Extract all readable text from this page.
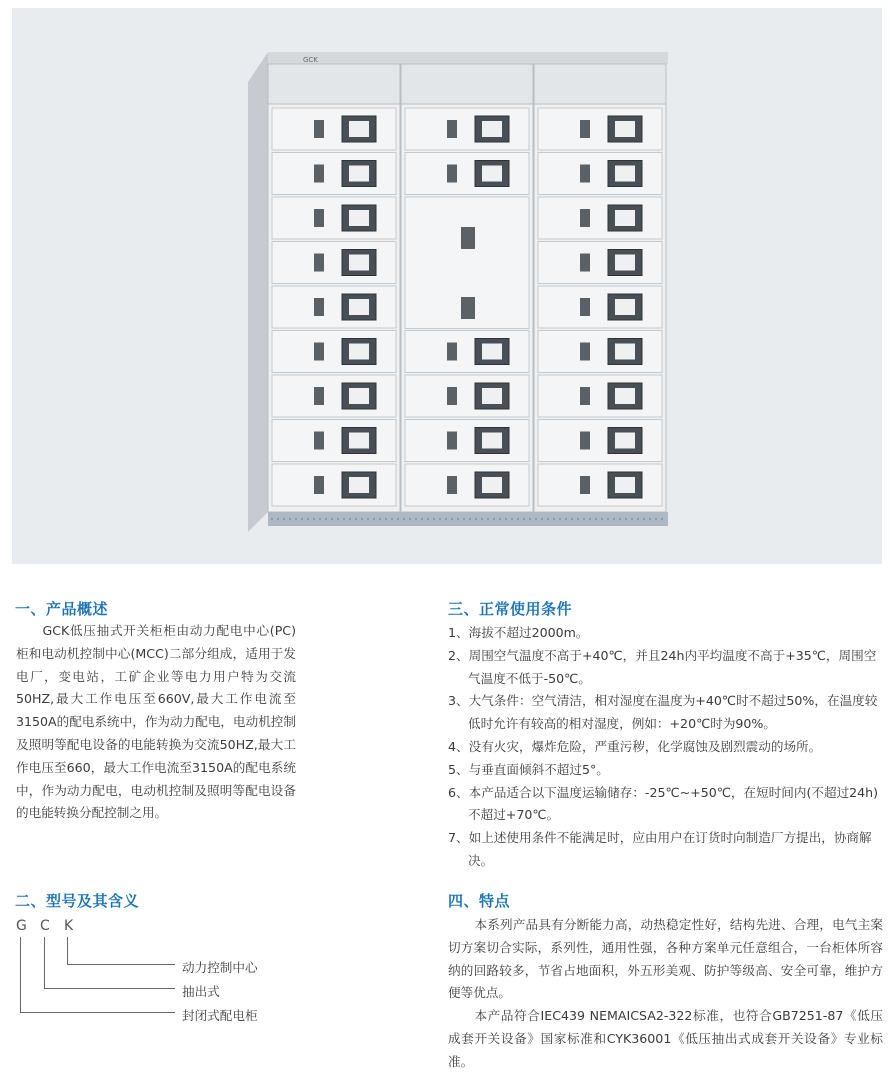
GCK
一、产品概述

GCK低压抽式开关柜柜由动力配电中心(PC)柜和电动机控制中心(MCC)二部分组成，适用于发电厂，变电站，工矿企业等电力用户特为交流50HZ,最大工作电压至660V,最大工作电流至3150A的配电系统中，作为动力配电，电动机控制及照明等配电设备的电能转换为交流50HZ,最大工作电压至660，最大工作电流至3150A的配电系统中，作为动力配电，电动机控制及照明等配电设备的电能转换分配控制之用。

三、正常使用条件
1、海拔不超过2000m。
2、周围空气温度不高于+40℃，并且24h内平均温度不高于+35℃，周围空气温度不低于-50℃。
3、大气条件：空气清洁，相对湿度在温度为+40℃时不超过50%，在温度较低时允许有较高的相对湿度，例如：+20℃时为90%。
4、没有火灾，爆炸危险，严重污秽，化学腐蚀及剧烈震动的场所。
5、与垂直面倾斜不超过5°。
6、本产品适合以下温度运输储存：-25℃~+50℃，在短时间内(不超过24h)不超过+70℃。
7、如上述使用条件不能满足时，应由用户在订货时向制造厂方提出，协商解决。
二、型号及其含义
G C K
动力控制中心
抽出式
封闭式配电柜
四、特点

本系列产品具有分断能力高，动热稳定性好，结构先进、合理，电气主案切方案切合实际，系列性，通用性强，各种方案单元任意组合，一台柜体所容纳的回路较多，节省占地面积，外五形美观、防护等级高、安全可靠，维护方便等优点。

本产品符合IEC439 NEMAICSA2-322标准，也符合GB7251-87《低压成套开关设备》国家标准和CYK36001《低压抽出式成套开关设备》专业标准。
